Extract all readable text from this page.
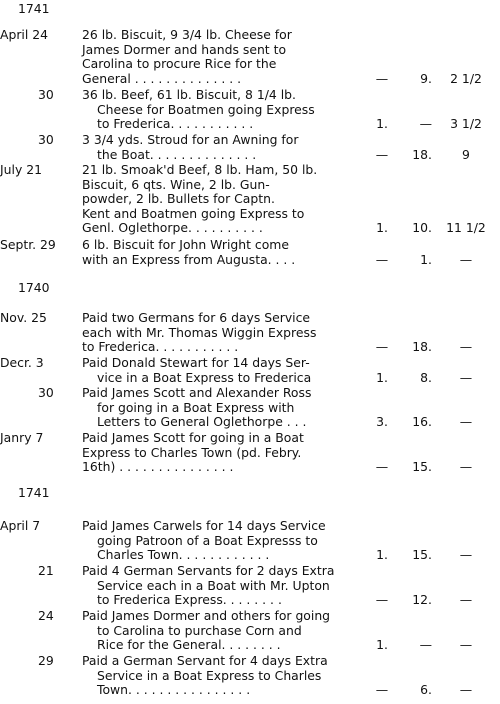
1741
1740
1741
April 24	26 lb. Biscuit, 9 3/4 lb. Cheese for
James Dormer and hands sent to
Carolina to procure Rice for the
General . . . . . . . . . . . . . .	—	9.	2 1/2
30 36 lb. Beef, 61 lb. Biscuit, 8 1/4 lb.
Cheese for Boatmen going Express
to Frederica. . . . . . . . . . .	1.	—	3 1/2
30 3 3/4 yds. Stroud for an Awning for
the Boat. . . . . . . . . . . . . .	—	18.	9
July 21	21 lb. Smoak'd Beef, 8 lb. Ham, 50 lb.
Biscuit, 6 qts. Wine, 2 lb. Gun-
powder, 2 lb. Bullets for Captn.
Kent and Boatmen going Express to
Genl. Oglethorpe. . . . . . . . . .	1.	10.	11 1/2
Septr. 29 6 lb. Biscuit for John Wright come
with an Express from Augusta. . . .	—	1.	—
Nov. 25	Paid two Germans for 6 days Service
each with Mr. Thomas Wiggin Express
to Frederica. . . . . . . . . . .	—	18.	—
Decr. 3	Paid Donald Stewart for 14 days Ser-
vice in a Boat Express to Frederica	1.	8.	—
30 Paid James Scott and Alexander Ross
for going in a Boat Express with
Letters to General Oglethorpe . . .	3.	16.	—
Janry 7	Paid James Scott for going in a Boat
Express to Charles Town (pd. Febry.
16th) . . . . . . . . . . . . . . .	—	15.	—
April 7	Paid James Carwels for 14 days Service
going Patroon of a Boat Expresss to
Charles Town. . . . . . . . . . . .	1.	15.	—
21 Paid 4 German Servants for 2 days Extra
Service each in a Boat with Mr. Upton
to Frederica Express. . . . . . . .	—	12.	—
24 Paid James Dormer and others for going
to Carolina to purchase Corn and
Rice for the General. . . . . . . .	1.	—	—
29 Paid a German Servant for 4 days Extra
Service in a Boat Express to Charles
Town. . . . . . . . . . . . . . . .	—	6.	—
